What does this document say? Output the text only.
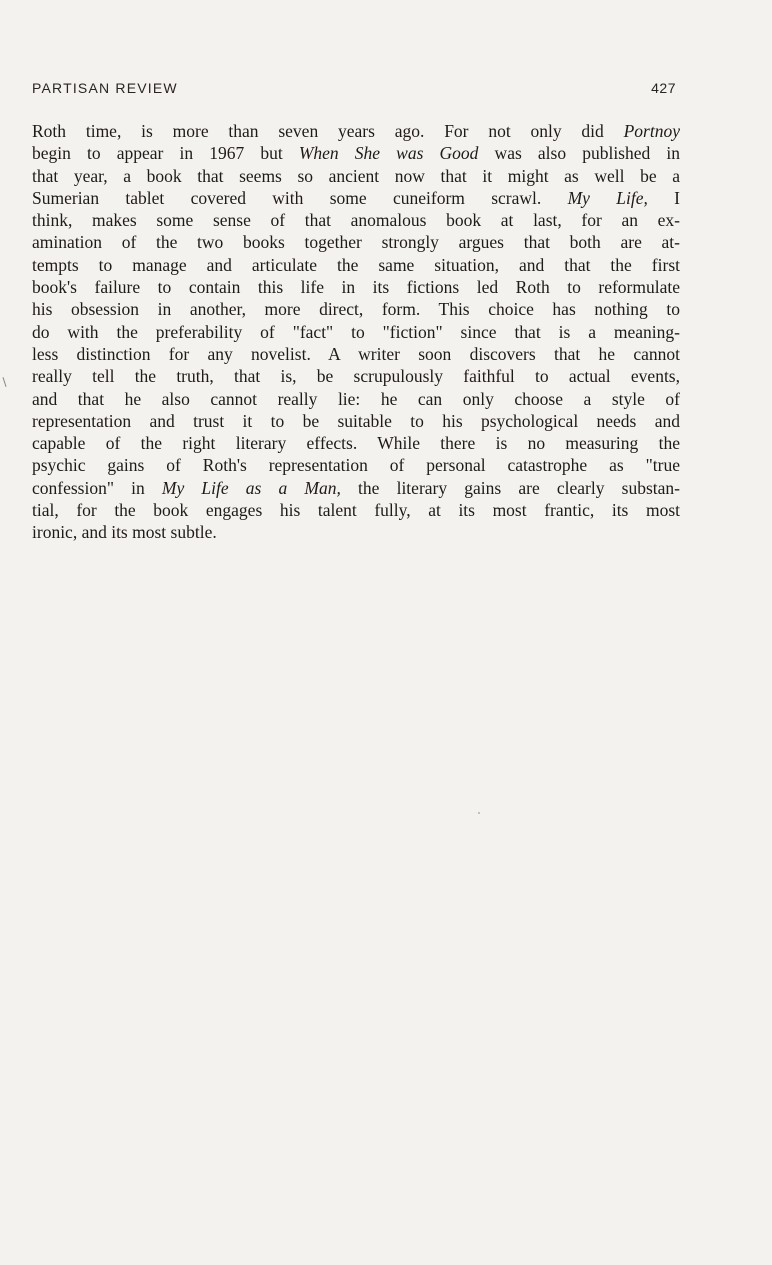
PARTISAN REVIEW	427
Roth time, is more than seven years ago. For not only did Portnoy
begin to appear in 1967 but When She was Good was also published in
that year, a book that seems so ancient now that it might as well be a
Sumerian tablet covered with some cuneiform scrawl. My Life, I
think, makes some sense of that anomalous book at last, for an ex-
amination of the two books together strongly argues that both are at-
tempts to manage and articulate the same situation, and that the first
book's failure to contain this life in its fictions led Roth to reformulate
his obsession in another, more direct, form. This choice has nothing to
do with the preferability of "fact" to "fiction" since that is a meaning-
less distinction for any novelist. A writer soon discovers that he cannot
really tell the truth, that is, be scrupulously faithful to actual events,
and that he also cannot really lie: he can only choose a style of
representation and trust it to be suitable to his psychological needs and
capable of the right literary effects. While there is no measuring the
psychic gains of Roth's representation of personal catastrophe as "true
confession" in My Life as a Man, the literary gains are clearly substan-
tial, for the book engages his talent fully, at its most frantic, its most
ironic, and its most subtle.
